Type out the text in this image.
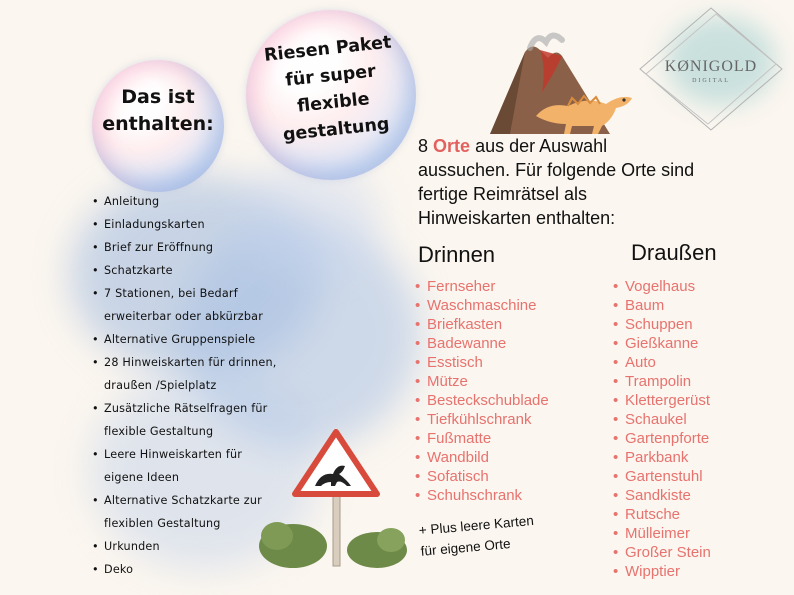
KØNIGOLD
DIGITAL
Das ist
enthalten:
Riesen Paket
für super
flexible
gestaltung
• Anleitung
• Einladungskarten
• Brief zur Eröffnung
• Schatzkarte
• 7 Stationen, bei Bedarf
erweiterbar oder abkürzbar
• Alternative Gruppenspiele
• 28 Hinweiskarten für drinnen,
draußen /Spielplatz
• Zusätzliche Rätselfragen für
flexible Gestaltung
• Leere Hinweiskarten für
eigene Ideen
• Alternative Schatzkarte zur
flexiblen Gestaltung
• Urkunden
• Deko
8 Orte aus der Auswahl
aussuchen. Für folgende Orte sind
fertige Reimrätsel als
Hinweiskarten enthalten:
Drinnen	Draußen
• Fernseher
• Waschmaschine
• Briefkasten
• Badewanne
• Esstisch
• Mütze
• Besteckschublade
• Tiefkühlschrank
• Fußmatte
• Wandbild
• Sofatisch
• Schuhschrank
• Vogelhaus
• Baum
• Schuppen
• Gießkanne
• Auto
• Trampolin
• Klettergerüst
• Schaukel
• Gartenpforte
• Parkbank
• Gartenstuhl
• Sandkiste
• Rutsche
• Mülleimer
• Großer Stein
• Wipptier
+ Plus leere Karten
für eigene Orte
